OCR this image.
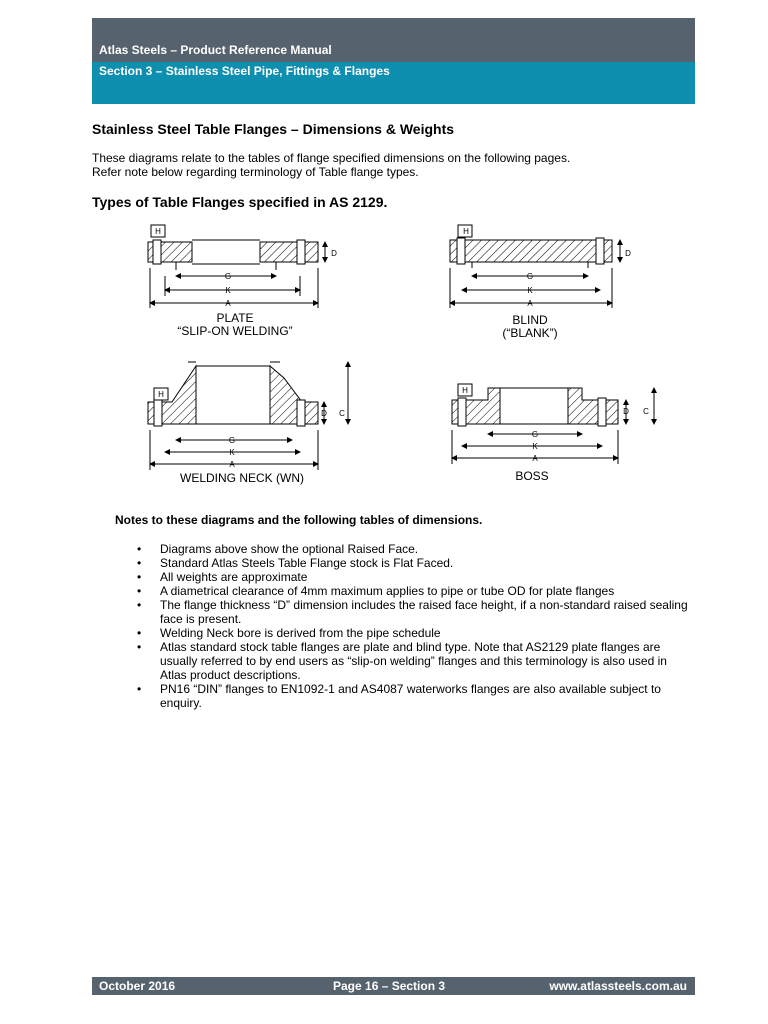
Atlas Steels – Product Reference Manual
Section 3 – Stainless Steel Pipe, Fittings & Flanges
Stainless Steel Table Flanges – Dimensions & Weights
These diagrams relate to the tables of flange specified dimensions on the following pages.
Refer note below regarding terminology of Table flange types.
Types of Table Flanges specified in AS 2129.
H
G
K
A
D
H
G
K
A
D
H
G
K
A
D C
H
G
K
A
D C
PLATE
“SLIP-ON WELDING”
BLIND
(“BLANK”)
WELDING NECK (WN)	BOSS
Notes to these diagrams and the following tables of dimensions.
• Diagrams above show the optional Raised Face.
• Standard Atlas Steels Table Flange stock is Flat Faced.
• All weights are approximate
• A diametrical clearance of 4mm maximum applies to pipe or tube OD for plate flanges
• The flange thickness “D” dimension includes the raised face height, if a non-standard raised sealing face is present.
• Welding Neck bore is derived from the pipe schedule
• Atlas standard stock table flanges are plate and blind type. Note that AS2129 plate flanges are usually referred to by end users as “slip-on welding” flanges and this terminology is also used in Atlas product descriptions.
• PN16 “DIN” flanges to EN1092-1 and AS4087 waterworks flanges are also available subject to enquiry.
October 2016	Page 16 – Section 3	www.atlassteels.com.au
